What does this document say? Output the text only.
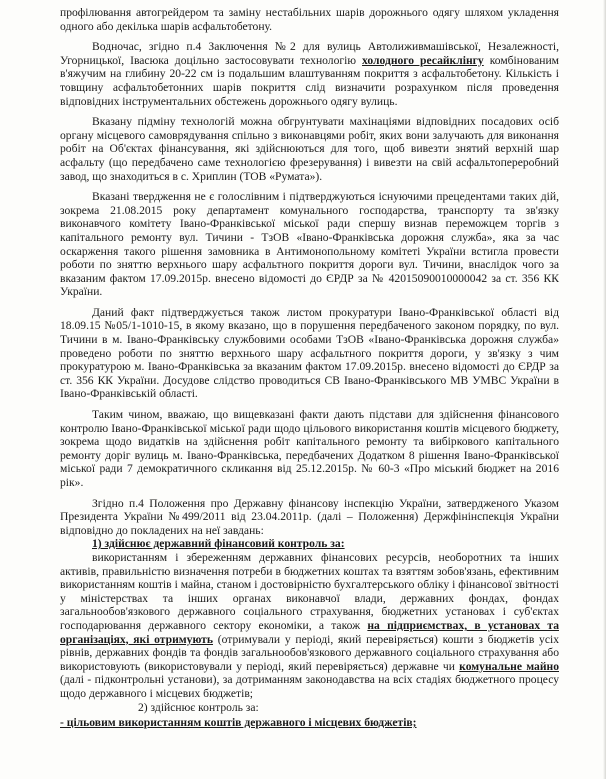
профілювання автогрейдером та заміну нестабільних шарів дорожнього одягу шляхом укладення одного або декілька шарів асфальтобетону.

Водночас, згідно п.4 Заключення №2 для вулиць Автолиживмашівської, Незалежності, Угорницької, Івасюка доцільно застосовувати технологію холодного ресайклінгу комбінованим в'яжучим на глибину 20-22 см із подальшим влаштуванням покриття з асфальтобетону. Кількість і товщину асфальтобетонних шарів покриття слід визначити розрахунком після проведення відповідних інструментальних обстежень дорожнього одягу вулиць.

Вказану підміну технологій можна обгрунтувати махінаціями відповідних посадових осіб органу місцевого самоврядування спільно з виконавцями робіт, яких вони залучають для виконання робіт на Об'єктах фінансування, які здійснюються для того, щоб вивезти знятий верхній шар асфальту (що передбачено саме технологією фрезерування) і вивезти на свій асфальтопереробний завод, що знаходиться в с. Хриплин (ТОВ «Румата»).

Вказані твердження не є голослівним і підтверджуються існуючими прецедентами таких дій, зокрема 21.08.2015 року департамент комунального господарства, транспорту та зв'язку виконавчого комітету Івано-Франківської міської ради спершу визнав переможцем торгів з капітального ремонту вул. Тичини - ТзОВ «Івано-Франківська дорожня служба», яка за час оскарження такого рішення замовника в Антимонопольному комітеті України встигла провести роботи по зняттю верхнього шару асфальтного покриття дороги вул. Тичини, внаслідок чого за вказаним фактом 17.09.2015р. внесено відомості до ЄРДР за № 42015090010000042 за ст. 356 КК України.

Даний факт підтверджується також листом прокуратури Івано-Франківської області від 18.09.15 №05/1-1010-15, в якому вказано, що в порушення передбаченого законом порядку, по вул. Тичини в м. Івано-Франківську службовими особами ТзОВ «Івано-Франківська дорожня служба» проведено роботи по зняттю верхнього шару асфальтного покриття дороги, у зв'язку з чим прокуратурою м. Івано-Франківська за вказаним фактом 17.09.2015р. внесено відомості до ЄРДР за ст. 356 КК України. Досудове слідство проводиться СВ Івано-Франківського МВ УМВС України в Івано-Франківській області.

Таким чином, вважаю, що вищевказані факти дають підстави для здійснення фінансового контролю Івано-Франківської міської ради щодо цільового використання коштів місцевого бюджету, зокрема щодо видатків на здійснення робіт капітального ремонту та вибіркового капітального ремонту доріг вулиць м. Івано-Франківська, передбачених Додатком 8 рішення Івано-Франківської міської ради 7 демократичного скликання від 25.12.2015р. № 60-3 «Про міський бюджет на 2016 рік».

Згідно п.4 Положення про Державну фінансову інспекцію України, затвердженого Указом Президента України №499/2011 від 23.04.2011р. (далі – Положення) Держфінінспекція України відповідно до покладених на неї завдань:

1) здійснює державний фінансовий контроль за:

використанням і збереженням державних фінансових ресурсів, необоротних та інших активів, правильністю визначення потреби в бюджетних коштах та взяттям зобов'язань, ефективним використанням коштів і майна, станом і достовірністю бухгалтерського обліку і фінансової звітності у міністерствах та інших органах виконавчої влади, державних фондах, фондах загальнообов'язкового державного соціального страхування, бюджетних установах і суб'єктах господарювання державного сектору економіки, а також на підприємствах, в установах та організаціях, які отримують (отримували у періоді, який перевіряється) кошти з бюджетів усіх рівнів, державних фондів та фондів загальнообов'язкового державного соціального страхування або використовують (використовували у періоді, який перевіряється) державне чи комунальне майно (далі - підконтрольні установи), за дотриманням законодавства на всіх стадіях бюджетного процесу щодо державного і місцевих бюджетів;

2) здійснює контроль за:

- цільовим використанням коштів державного і місцевих бюджетів;
